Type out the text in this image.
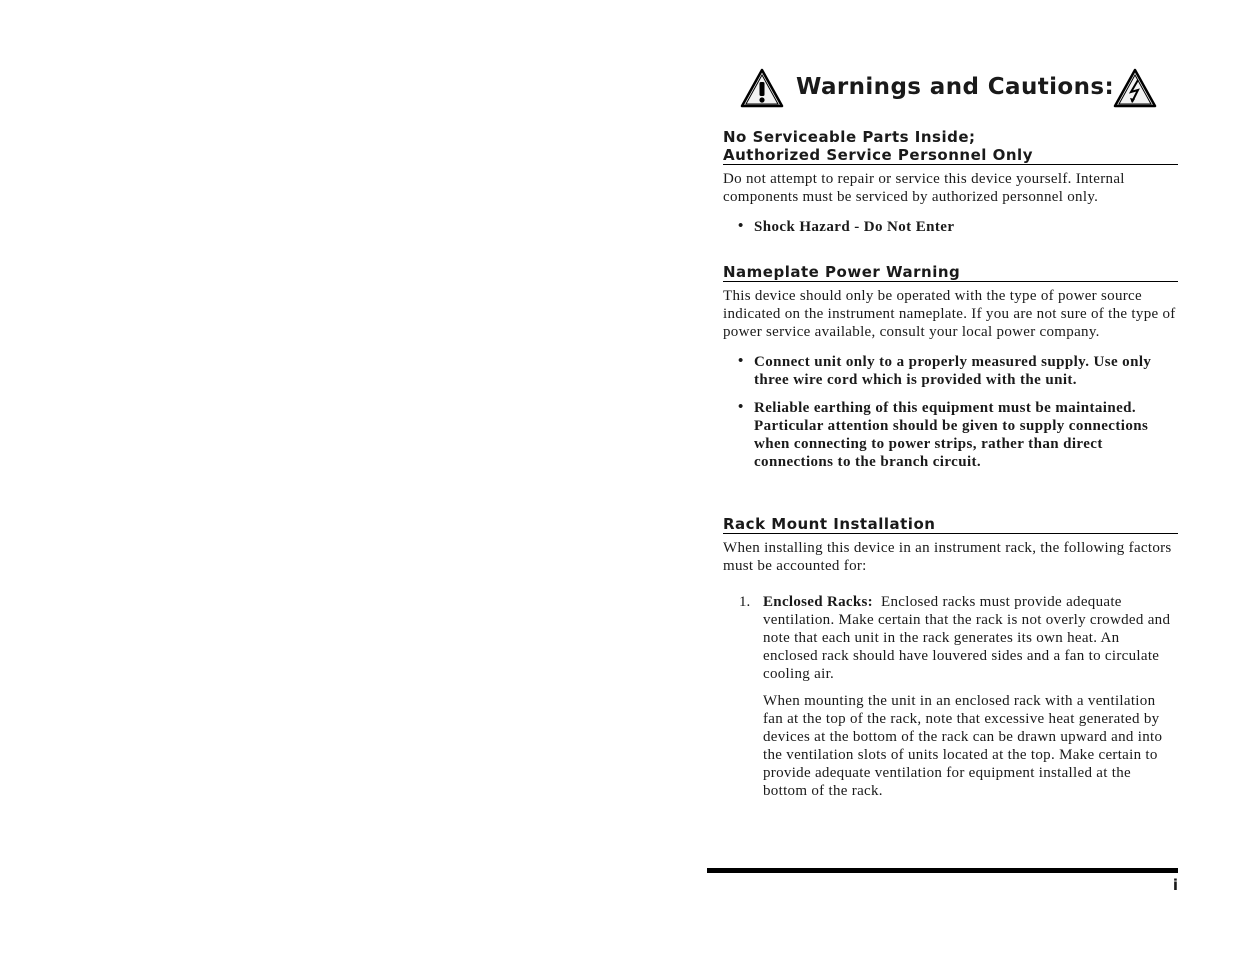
Warnings and Cautions:
No Serviceable Parts Inside;
Authorized Service Personnel Only
Do not attempt to repair or service this device yourself. Internal components must be serviced by authorized personnel only.
• Shock Hazard - Do Not Enter
Nameplate Power Warning
This device should only be operated with the type of power source indicated on the instrument nameplate. If you are not sure of the type of power service available, consult your local power company.
• Connect unit only to a properly measured supply. Use only three wire cord which is provided with the unit.
• Reliable earthing of this equipment must be maintained. Particular attention should be given to supply connections when connecting to power strips, rather than direct connections to the branch circuit.
Rack Mount Installation
When installing this device in an instrument rack, the following factors must be accounted for:
1. Enclosed Racks: Enclosed racks must provide adequate ventilation. Make certain that the rack is not overly crowded and note that each unit in the rack generates its own heat. An enclosed rack should have louvered sides and a fan to circulate cooling air.

When mounting the unit in an enclosed rack with a ventilation fan at the top of the rack, note that excessive heat generated by devices at the bottom of the rack can be drawn upward and into the ventilation slots of units located at the top. Make certain to provide adequate ventilation for equipment installed at the bottom of the rack.

i
